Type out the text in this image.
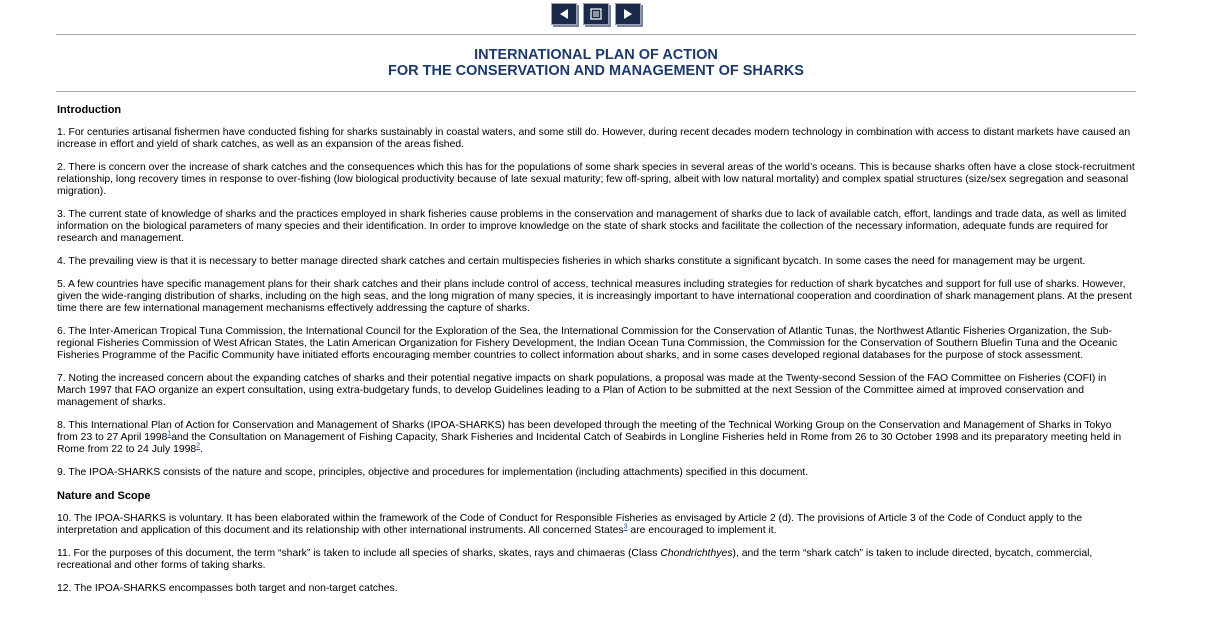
INTERNATIONAL PLAN OF ACTION
FOR THE CONSERVATION AND MANAGEMENT OF SHARKS
Introduction
1. For centuries artisanal fishermen have conducted fishing for sharks sustainably in coastal waters, and some still do. However, during recent decades modern technology in combination with access to distant markets have caused an increase in effort and yield of shark catches, as well as an expansion of the areas fished.
2. There is concern over the increase of shark catches and the consequences which this has for the populations of some shark species in several areas of the world’s oceans. This is because sharks often have a close stock-recruitment relationship, long recovery times in response to over-fishing (low biological productivity because of late sexual maturity; few off-spring, albeit with low natural mortality) and complex spatial structures (size/sex segregation and seasonal migration).
3. The current state of knowledge of sharks and the practices employed in shark fisheries cause problems in the conservation and management of sharks due to lack of available catch, effort, landings and trade data, as well as limited information on the biological parameters of many species and their identification. In order to improve knowledge on the state of shark stocks and facilitate the collection of the necessary information, adequate funds are required for research and management.
4. The prevailing view is that it is necessary to better manage directed shark catches and certain multispecies fisheries in which sharks constitute a significant bycatch. In some cases the need for management may be urgent.
5. A few countries have specific management plans for their shark catches and their plans include control of access, technical measures including strategies for reduction of shark bycatches and support for full use of sharks. However, given the wide-ranging distribution of sharks, including on the high seas, and the long migration of many species, it is increasingly important to have international cooperation and coordination of shark management plans. At the present time there are few international management mechanisms effectively addressing the capture of sharks.
6. The Inter-American Tropical Tuna Commission, the International Council for the Exploration of the Sea, the International Commission for the Conservation of Atlantic Tunas, the Northwest Atlantic Fisheries Organization, the Sub-regional Fisheries Commission of West African States, the Latin American Organization for Fishery Development, the Indian Ocean Tuna Commission, the Commission for the Conservation of Southern Bluefin Tuna and the Oceanic Fisheries Programme of the Pacific Community have initiated efforts encouraging member countries to collect information about sharks, and in some cases developed regional databases for the purpose of stock assessment.
7. Noting the increased concern about the expanding catches of sharks and their potential negative impacts on shark populations, a proposal was made at the Twenty-second Session of the FAO Committee on Fisheries (COFI) in March 1997 that FAO organize an expert consultation, using extra-budgetary funds, to develop Guidelines leading to a Plan of Action to be submitted at the next Session of the Committee aimed at improved conservation and management of sharks.
8. This International Plan of Action for Conservation and Management of Sharks (IPOA-SHARKS) has been developed through the meeting of the Technical Working Group on the Conservation and Management of Sharks in Tokyo from 23 to 27 April 1998$^1$and the Consultation on Management of Fishing Capacity, Shark Fisheries and Incidental Catch of Seabirds in Longline Fisheries held in Rome from 26 to 30 October 1998 and its preparatory meeting held in Rome from 22 to 24 July 1998$^2$.
9. The IPOA-SHARKS consists of the nature and scope, principles, objective and procedures for implementation (including attachments) specified in this document.
Nature and Scope
10. The IPOA-SHARKS is voluntary. It has been elaborated within the framework of the Code of Conduct for Responsible Fisheries as envisaged by Article 2 (d). The provisions of Article 3 of the Code of Conduct apply to the interpretation and application of this document and its relationship with other international instruments. All concerned States$^3$ are encouraged to implement it.
11. For the purposes of this document, the term “shark” is taken to include all species of sharks, skates, rays and chimaeras (Class Chondrichthyes), and the term “shark catch” is taken to include directed, bycatch, commercial, recreational and other forms of taking sharks.
12. The IPOA-SHARKS encompasses both target and non-target catches.
